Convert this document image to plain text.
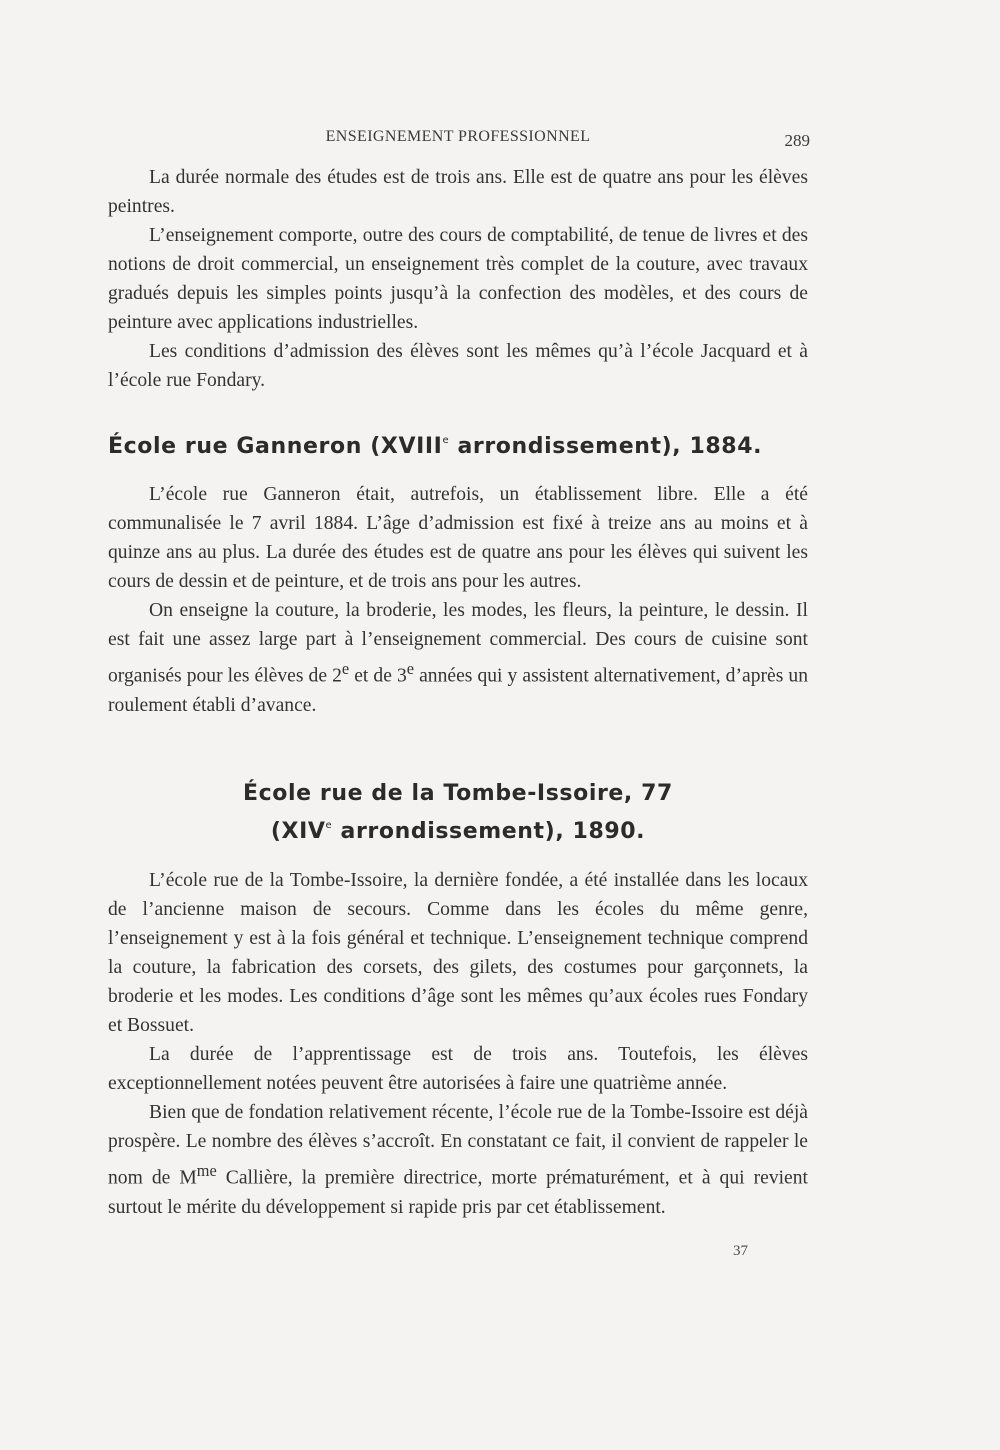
ENSEIGNEMENT PROFESSIONNEL	289

La durée normale des études est de trois ans. Elle est de quatre ans pour les élèves peintres.

L’enseignement comporte, outre des cours de comptabilité, de tenue de livres et des notions de droit commercial, un enseignement très complet de la couture, avec travaux gradués depuis les simples points jusqu’à la confection des modèles, et des cours de peinture avec applications industrielles.

Les conditions d’admission des élèves sont les mêmes qu’à l’école Jacquard et à l’école rue Fondary.

École rue Ganneron (XVIIIe arrondissement), 1884.

L’école rue Ganneron était, autrefois, un établissement libre. Elle a été communalisée le 7 avril 1884. L’âge d’admission est fixé à treize ans au moins et à quinze ans au plus. La durée des études est de quatre ans pour les élèves qui suivent les cours de dessin et de peinture, et de trois ans pour les autres.

On enseigne la couture, la broderie, les modes, les fleurs, la peinture, le dessin. Il est fait une assez large part à l’enseignement commercial. Des cours de cuisine sont organisés pour les élèves de 2e et de 3e années qui y assistent alternativement, d’après un roulement établi d’avance.

École rue de la Tombe-Issoire, 77
(XIVe arrondissement), 1890.

L’école rue de la Tombe-Issoire, la dernière fondée, a été installée dans les locaux de l’ancienne maison de secours. Comme dans les écoles du même genre, l’enseignement y est à la fois général et technique. L’enseignement technique comprend la couture, la fabrication des corsets, des gilets, des costumes pour garçonnets, la broderie et les modes. Les conditions d’âge sont les mêmes qu’aux écoles rues Fondary et Bossuet.

La durée de l’apprentissage est de trois ans. Toutefois, les élèves exceptionnellement notées peuvent être autorisées à faire une quatrième année.

Bien que de fondation relativement récente, l’école rue de la Tombe-Issoire est déjà prospère. Le nombre des élèves s’accroît. En constatant ce fait, il convient de rappeler le nom de $M^{me}$ Callière, la première directrice, morte prématurément, et à qui revient surtout le mérite du développement si rapide pris par cet établissement.

37
